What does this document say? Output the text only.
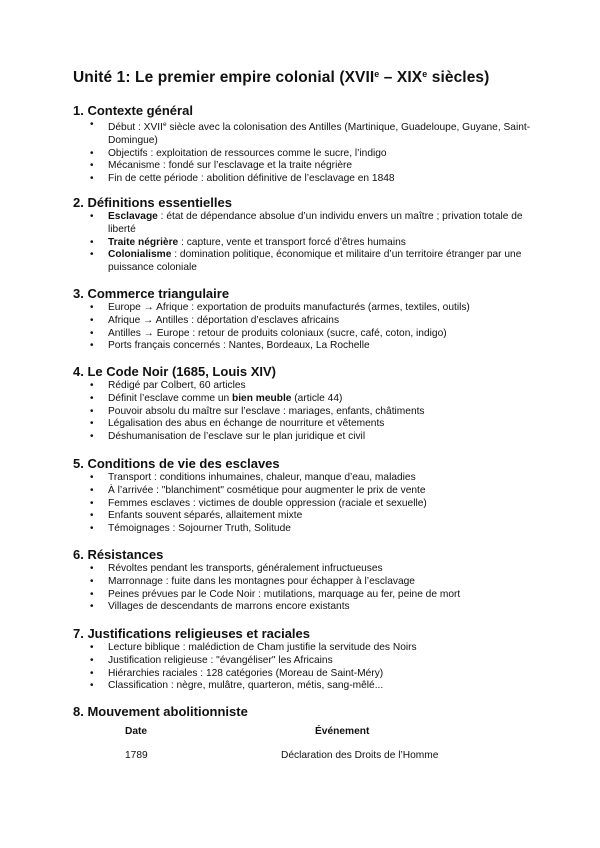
Unité 1: Le premier empire colonial (XVIIe – XIXe siècles)
1. Contexte général
• Début : XVIIe siècle avec la colonisation des Antilles (Martinique, Guadeloupe, Guyane, Saint-Domingue)
• Objectifs : exploitation de ressources comme le sucre, l’indigo
• Mécanisme : fondé sur l’esclavage et la traite négrière
• Fin de cette période : abolition définitive de l’esclavage en 1848
2. Définitions essentielles
• Esclavage : état de dépendance absolue d’un individu envers un maître ; privation totale de liberté
• Traite négrière : capture, vente et transport forcé d’êtres humains
• Colonialisme : domination politique, économique et militaire d’un territoire étranger par une puissance coloniale
3. Commerce triangulaire
• Europe → Afrique : exportation de produits manufacturés (armes, textiles, outils)
• Afrique → Antilles : déportation d’esclaves africains
• Antilles → Europe : retour de produits coloniaux (sucre, café, coton, indigo)
• Ports français concernés : Nantes, Bordeaux, La Rochelle
4. Le Code Noir (1685, Louis XIV)
• Rédigé par Colbert, 60 articles
• Définit l’esclave comme un bien meuble (article 44)
• Pouvoir absolu du maître sur l’esclave : mariages, enfants, châtiments
• Légalisation des abus en échange de nourriture et vêtements
• Déshumanisation de l’esclave sur le plan juridique et civil
5. Conditions de vie des esclaves
• Transport : conditions inhumaines, chaleur, manque d’eau, maladies
• À l’arrivée : "blanchiment" cosmétique pour augmenter le prix de vente
• Femmes esclaves : victimes de double oppression (raciale et sexuelle)
• Enfants souvent séparés, allaitement mixte
• Témoignages : Sojourner Truth, Solitude
6. Résistances
• Révoltes pendant les transports, généralement infructueuses
• Marronnage : fuite dans les montagnes pour échapper à l’esclavage
• Peines prévues par le Code Noir : mutilations, marquage au fer, peine de mort
• Villages de descendants de marrons encore existants
7. Justifications religieuses et raciales
• Lecture biblique : malédiction de Cham justifie la servitude des Noirs
• Justification religieuse : "évangéliser" les Africains
• Hiérarchies raciales : 128 catégories (Moreau de Saint-Méry)
• Classification : nègre, mulâtre, quarteron, métis, sang-mêlé...
8. Mouvement abolitionniste
Date	Événement

1789	Déclaration des Droits de l’Homme
